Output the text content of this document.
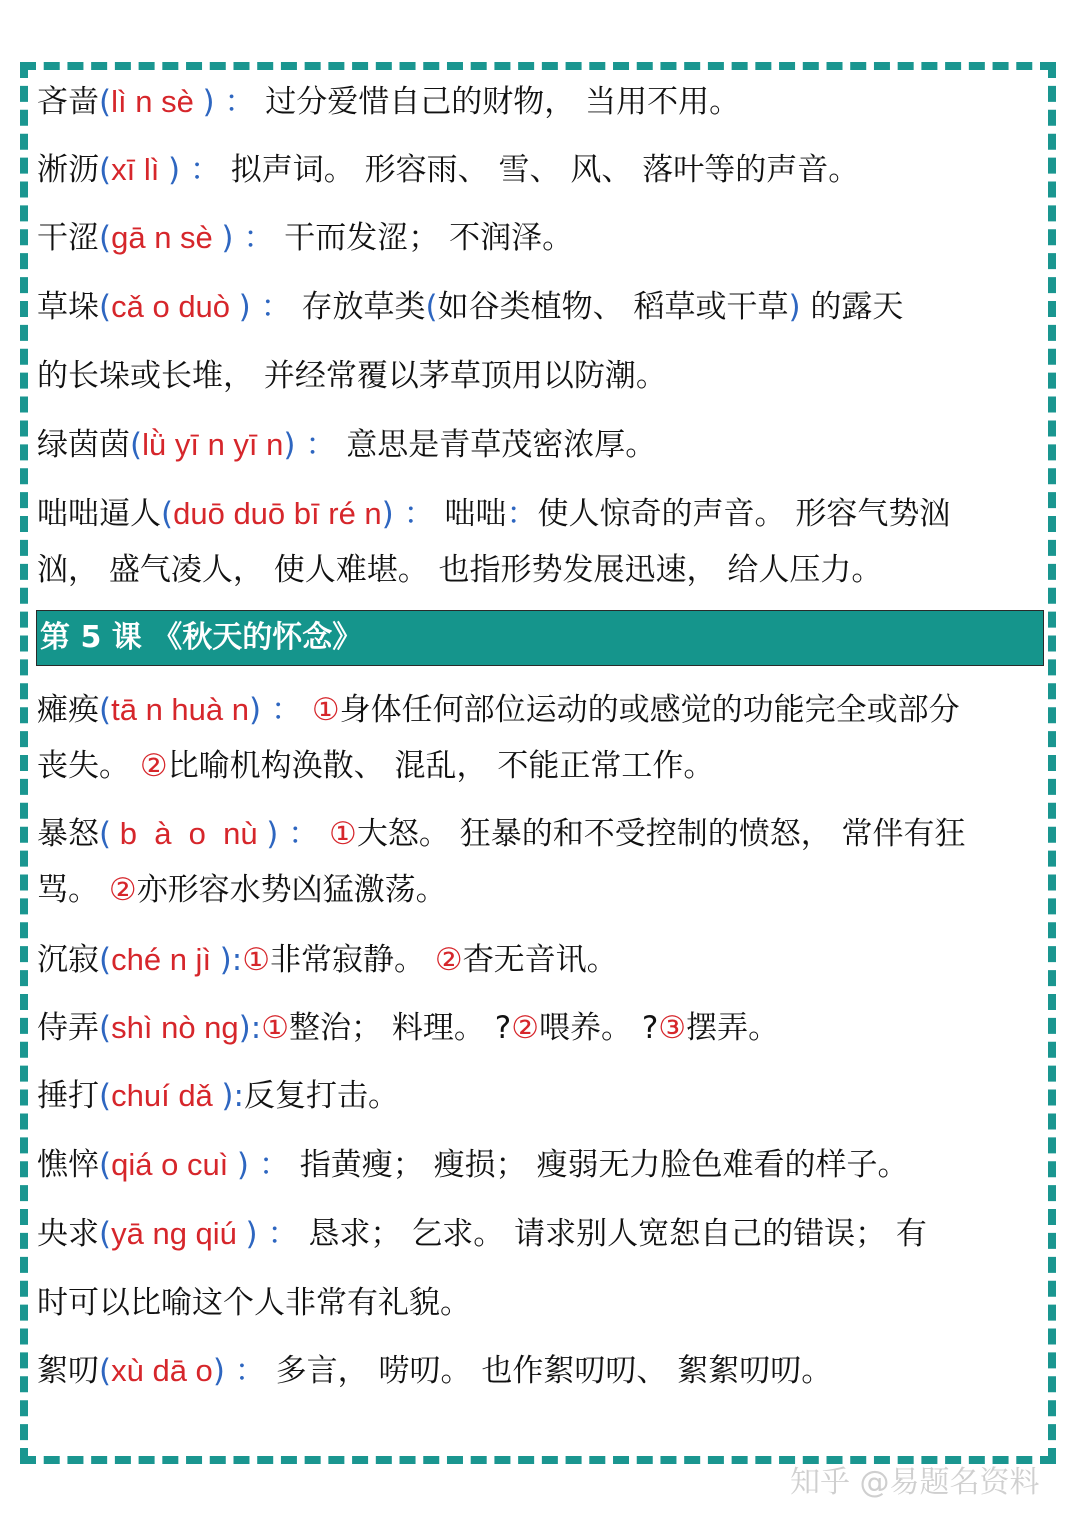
吝啬(lì n sè ) ： 过分爱惜自己的财物， 当用不用。
淅沥(xī lì ) ： 拟声词。 形容雨、 雪、 风、 落叶等的声音。
干涩(gā n sè ) ： 干而发涩； 不润泽。
草垛(cǎ o duò ) ： 存放草类(如谷类植物、 稻草或干草) 的露天
的长垛或长堆， 并经常覆以茅草顶用以防潮。
绿茵茵(lǜ yī n yī n) ： 意思是青草茂密浓厚。
咄咄逼人(duō duō bī ré n) ： 咄咄：使人惊奇的声音。 形容气势汹
汹， 盛气凌人， 使人难堪。 也指形势发展迅速， 给人压力。
第 5 课 《秋天的怀念》
瘫痪(tā n huà n) ： ①身体任何部位运动的或感觉的功能完全或部分
丧失。 ②比喻机构涣散、 混乱， 不能正常工作。
暴怒( b  à  o  nù ) ： ①大怒。 狂暴的和不受控制的愤怒， 常伴有狂
骂。 ②亦形容水势凶猛激荡。
沉寂(ché n jì ):①非常寂静。 ②杳无音讯。
侍弄(shì nò ng):①整治； 料理。 ?②喂养。 ?③摆弄。
捶打(chuí dǎ ):反复打击。
憔悴(qiá o cuì ) ： 指黄瘦； 瘦损； 瘦弱无力脸色难看的样子。
央求(yā ng qiú ) ： 恳求； 乞求。 请求别人宽恕自己的错误； 有
时可以比喻这个人非常有礼貌。
絮叨(xù dā o) ： 多言， 唠叨。 也作絮叨叨、 絮絮叨叨。
知乎 @易题名资料
